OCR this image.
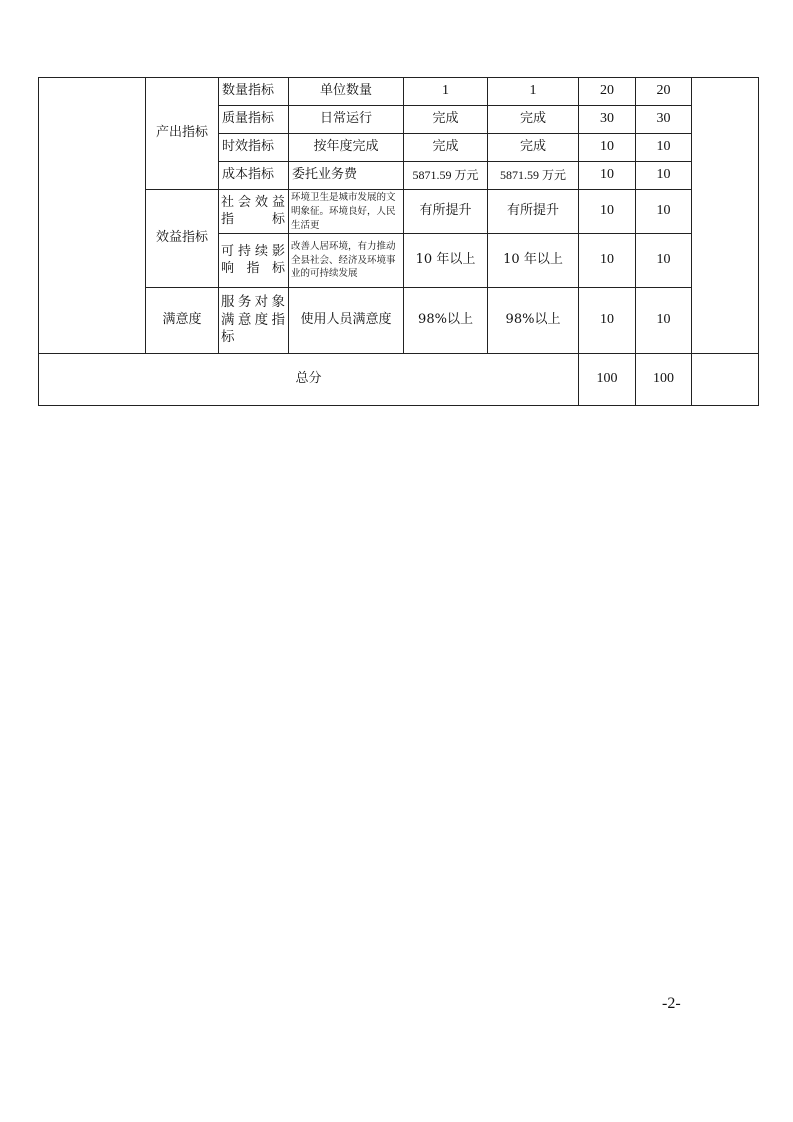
	产出指标	数量指标	单位数量	1	1	20	20	
		质量指标	日常运行	完成	完成	30	30	
		时效指标	按年度完成	完成	完成	10	10	
		成本指标	委托业务费	5871.59 万元	5871.59 万元	10	10	
	效益指标	社会效益指标	环境卫生是城市发展的文明象征。环境良好，人民生活更	有所提升	有所提升	10	10	
		可持续影响指标	改善人居环境，有力推动全县社会、经济及环境事业的可持续发展	10 年以上	10 年以上	10	10	
	满意度	服务对象满意度指标	使用人员满意度	98%以上	98%以上	10	10	
总分						100	100	
-2-
